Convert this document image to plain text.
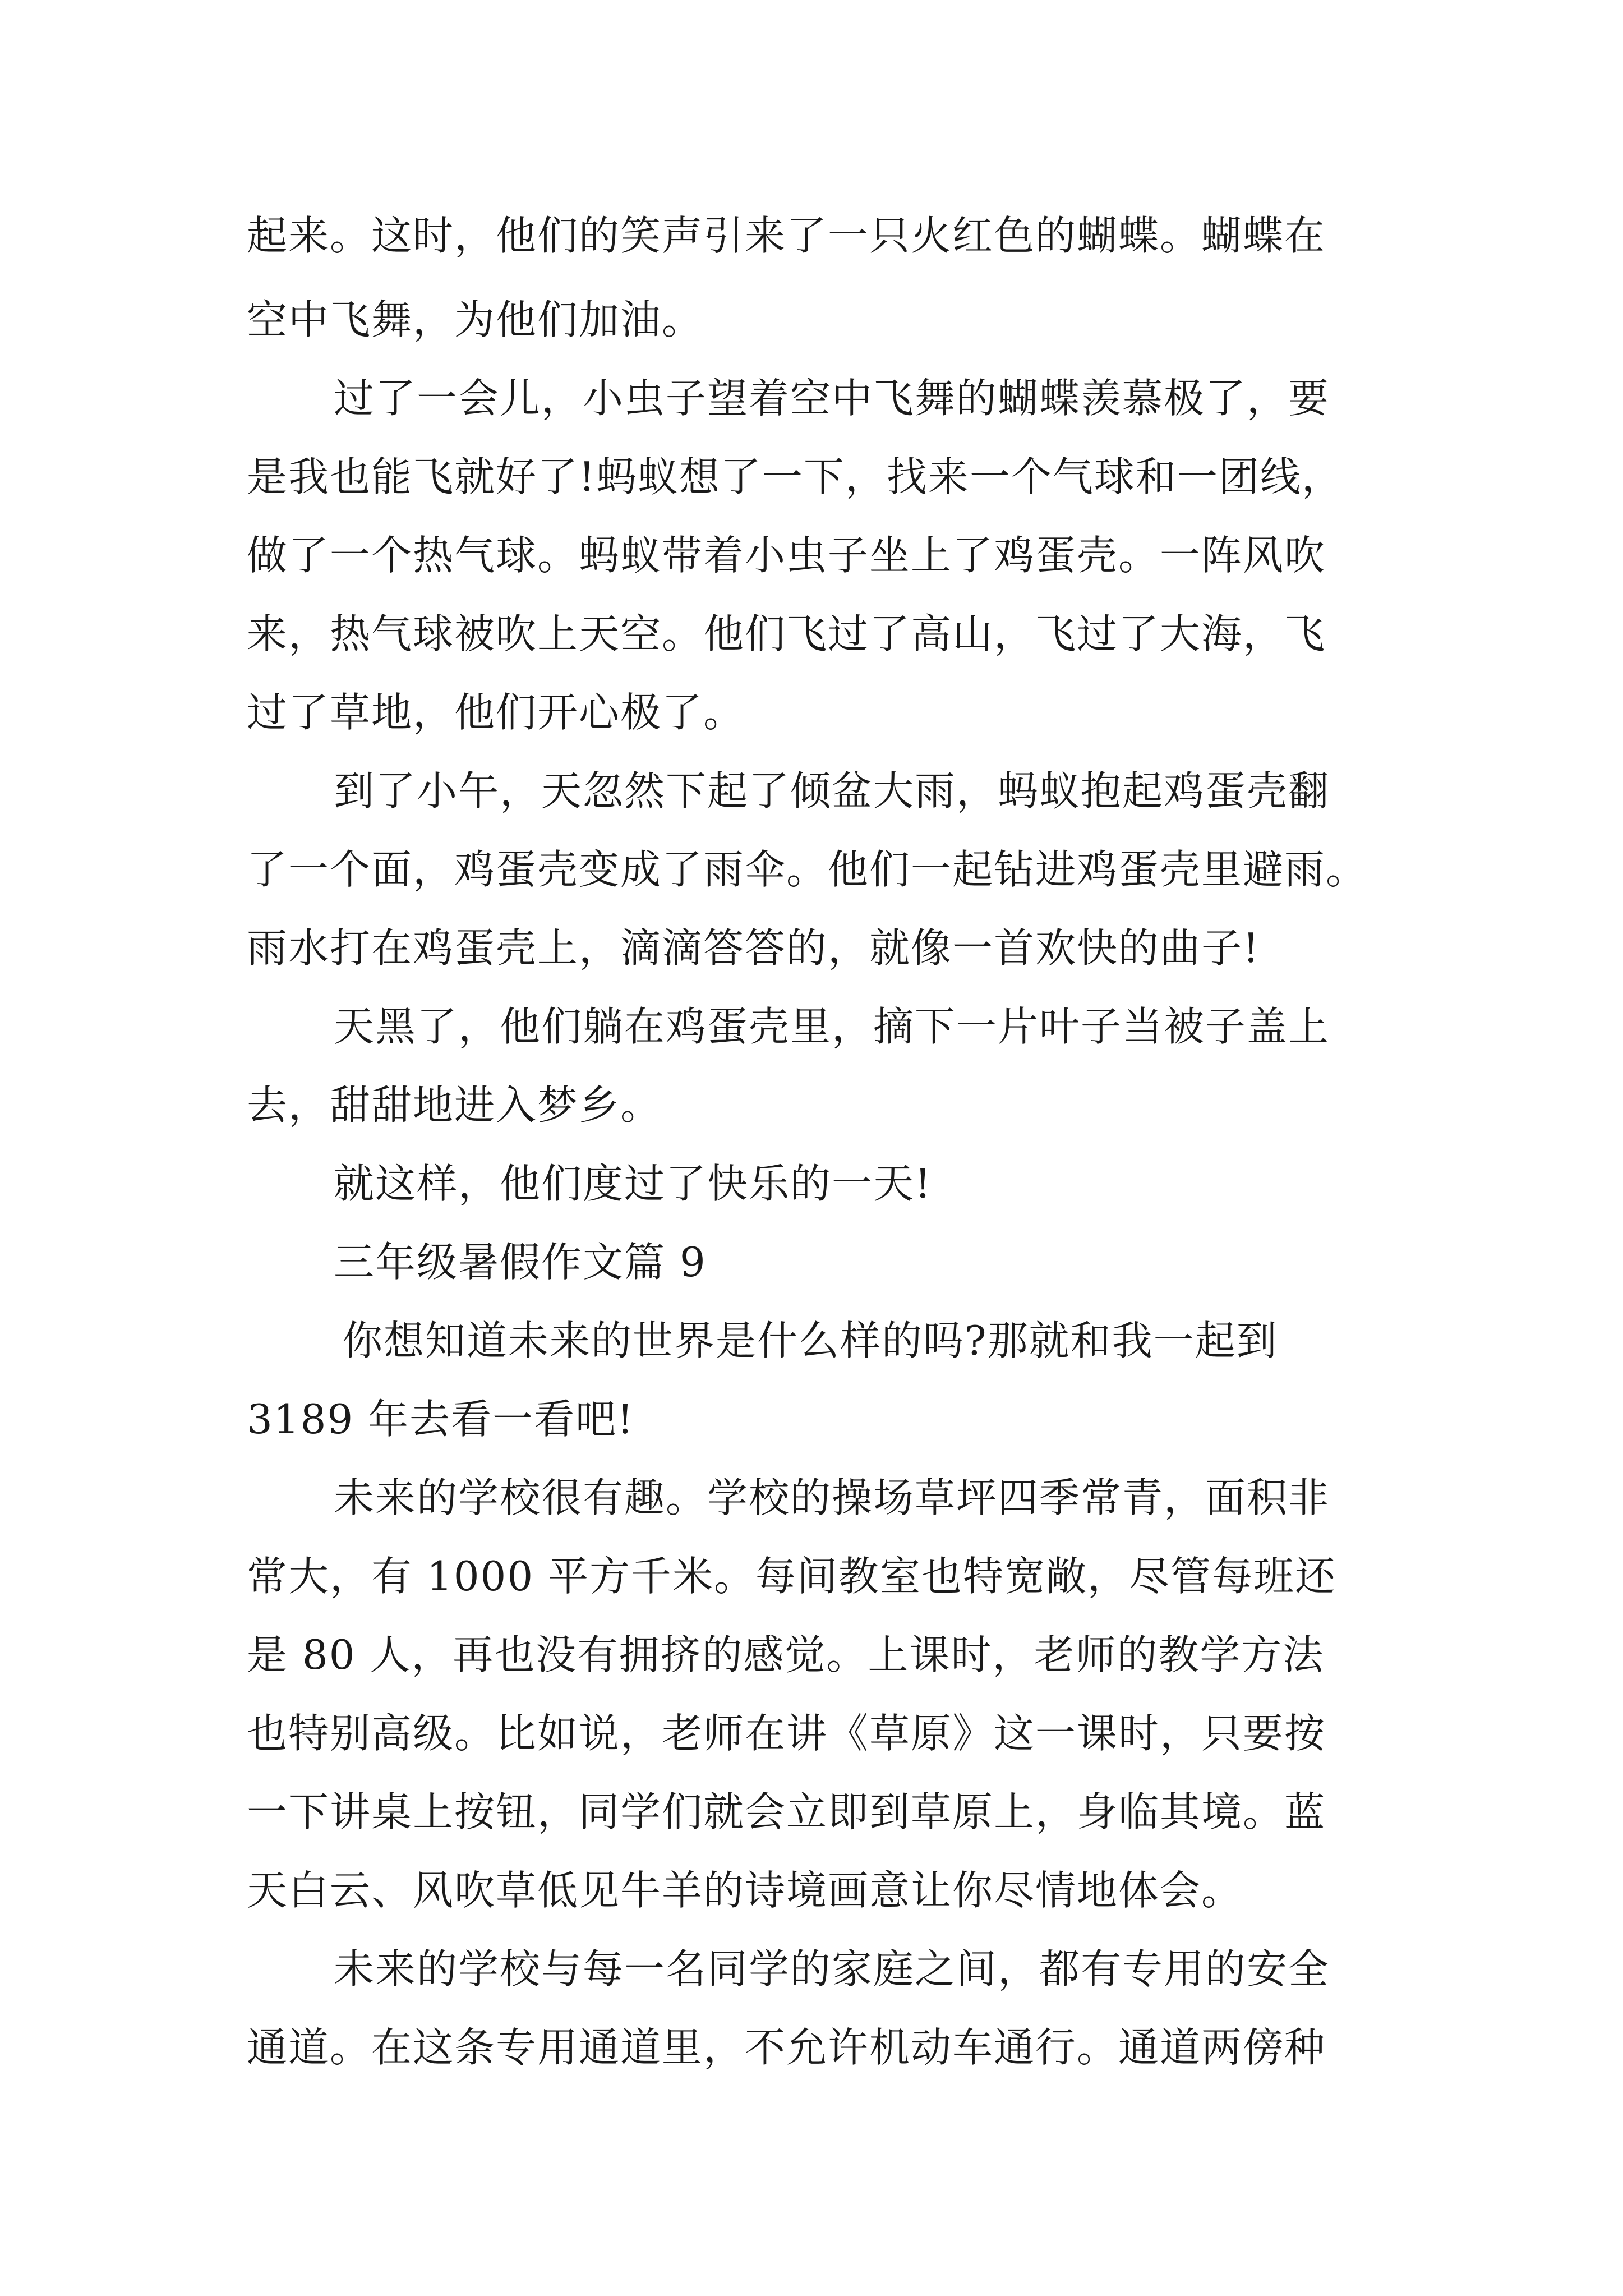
起来。这时，他们的笑声引来了一只火红色的蝴蝶。蝴蝶在
空中飞舞，为他们加油。
过了一会儿，小虫子望着空中飞舞的蝴蝶羡慕极了，要
是我也能飞就好了!蚂蚁想了一下，找来一个气球和一团线，
做了一个热气球。蚂蚁带着小虫子坐上了鸡蛋壳。一阵风吹
来，热气球被吹上天空。他们飞过了高山，飞过了大海，飞
过了草地，他们开心极了。
到了小午，天忽然下起了倾盆大雨，蚂蚁抱起鸡蛋壳翻
了一个面，鸡蛋壳变成了雨伞。他们一起钻进鸡蛋壳里避雨。
雨水打在鸡蛋壳上，滴滴答答的，就像一首欢快的曲子!
天黑了，他们躺在鸡蛋壳里，摘下一片叶子当被子盖上
去，甜甜地进入梦乡。
就这样，他们度过了快乐的一天!
三年级暑假作文篇 9
你想知道未来的世界是什么样的吗?那就和我一起到
3189 年去看一看吧!
未来的学校很有趣。学校的操场草坪四季常青，面积非
常大，有 1000 平方千米。每间教室也特宽敞，尽管每班还
是 80 人，再也没有拥挤的感觉。上课时，老师的教学方法
也特别高级。比如说，老师在讲《草原》这一课时，只要按
一下讲桌上按钮，同学们就会立即到草原上，身临其境。蓝
天白云、风吹草低见牛羊的诗境画意让你尽情地体会。
未来的学校与每一名同学的家庭之间，都有专用的安全
通道。在这条专用通道里，不允许机动车通行。通道两傍种
